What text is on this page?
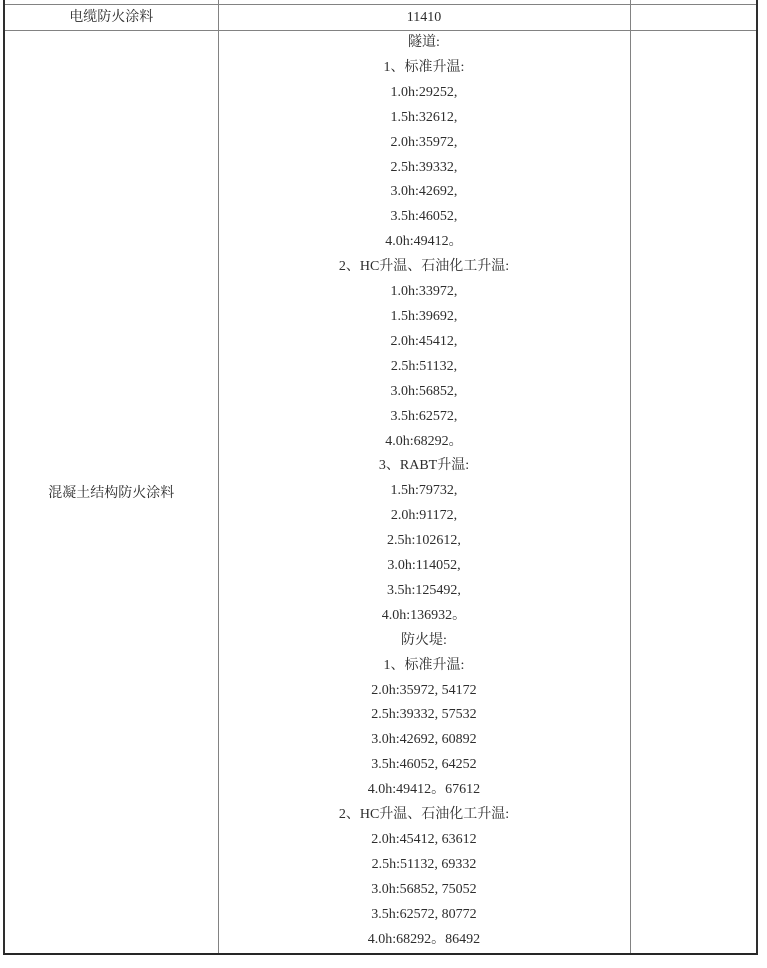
电缆防火涂料	11410	
混凝土结构防火涂料	
隧道:
1、标准升温:
1.0h:29252,
1.5h:32612,
2.0h:35972,
2.5h:39332,
3.0h:42692,
3.5h:46052,
4.0h:49412。
2、HC升温、石油化工升温:
1.0h:33972,
1.5h:39692,
2.0h:45412,
2.5h:51132,
3.0h:56852,
3.5h:62572,
4.0h:68292。
3、RABT升温:
1.5h:79732,
2.0h:91172,
2.5h:102612,
3.0h:114052,
3.5h:125492,
4.0h:136932。
防火堤:
1、标准升温:
2.0h:35972, 54172
2.5h:39332, 57532
3.0h:42692, 60892
3.5h:46052, 64252
4.0h:49412。67612
2、HC升温、石油化工升温:
2.0h:45412, 63612
2.5h:51132, 69332
3.0h:56852, 75052
3.5h:62572, 80772
4.0h:68292。86492
